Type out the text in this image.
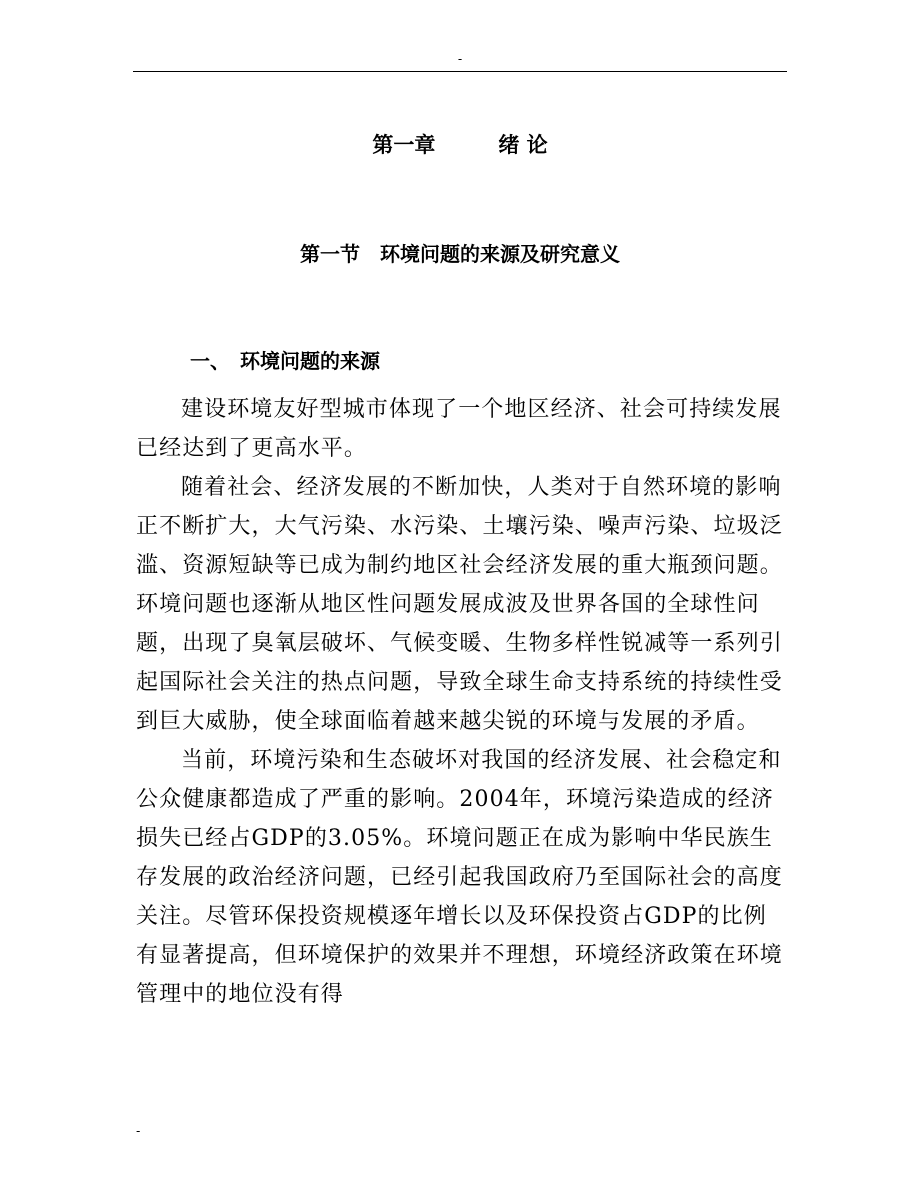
-
第一章　　　绪 论
第一节　环境问题的来源及研究意义
一、　环境问题的来源

建设环境友好型城市体现了一个地区经济、社会可持续发展已经达到了更高水平。

随着社会、经济发展的不断加快，人类对于自然环境的影响正不断扩大，大气污染、水污染、土壤污染、噪声污染、垃圾泛滥、资源短缺等已成为制约地区社会经济发展的重大瓶颈问题。环境问题也逐渐从地区性问题发展成波及世界各国的全球性问题，出现了臭氧层破坏、气候变暖、生物多样性锐减等一系列引起国际社会关注的热点问题，导致全球生命支持系统的持续性受到巨大威胁，使全球面临着越来越尖锐的环境与发展的矛盾。

当前，环境污染和生态破坏对我国的经济发展、社会稳定和公众健康都造成了严重的影响。2004年，环境污染造成的经济损失已经占GDP的3.05%。环境问题正在成为影响中华民族生存发展的政治经济问题，已经引起我国政府乃至国际社会的高度关注。尽管环保投资规模逐年增长以及环保投资占GDP的比例有显著提高，但环境保护的效果并不理想，环境经济政策在环境管理中的地位没有得

-
